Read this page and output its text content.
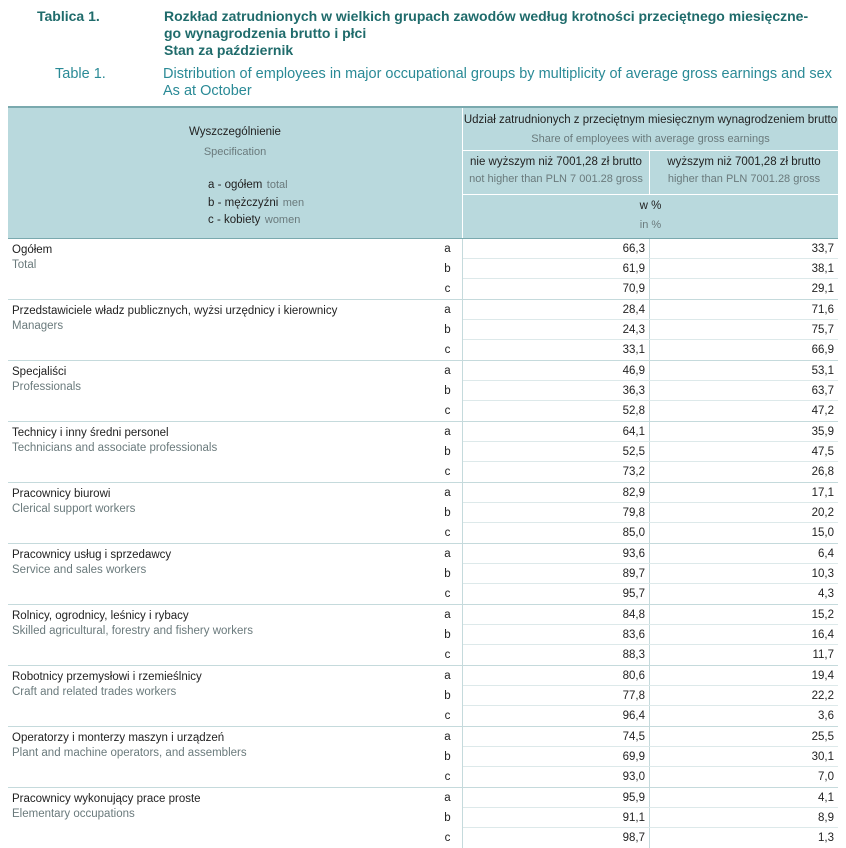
Tablica 1.	Rozkład zatrudnionych w wielkich grupach zawodów według krotności przeciętnego miesięczne-
go wynagrodzenia brutto i płci
Stan za październik
Table 1.	Distribution of employees in major occupational groups by multiplicity of average gross earnings and sex
As at October
Wyszczególnienie
Specification
a - ogółem total
b - mężczyźni men
c - kobiety women
Udział zatrudnionych z przeciętnym miesięcznym wynagrodzeniem brutto
Share of employees with average gross earnings
nie wyższym niż 7001,28 zł brutto
not higher than PLN 7 001.28 gross
wyższym niż 7001,28 zł brutto
higher than PLN 7001.28 gross
w %
in %
Ogółem
Total
a	66,3	33,7
b	61,9	38,1
c	70,9	29,1
Przedstawiciele władz publicznych, wyżsi urzędnicy i kierownicy
Managers
a	28,4	71,6
b	24,3	75,7
c	33,1	66,9
Specjaliści
Professionals
a	46,9	53,1
b	36,3	63,7
c	52,8	47,2
Technicy i inny średni personel
Technicians and associate professionals
a	64,1	35,9
b	52,5	47,5
c	73,2	26,8
Pracownicy biurowi
Clerical support workers
a	82,9	17,1
b	79,8	20,2
c	85,0	15,0
Pracownicy usług i sprzedawcy
Service and sales workers
a	93,6	6,4
b	89,7	10,3
c	95,7	4,3
Rolnicy, ogrodnicy, leśnicy i rybacy
Skilled agricultural, forestry and fishery workers
a	84,8	15,2
b	83,6	16,4
c	88,3	11,7
Robotnicy przemysłowi i rzemieślnicy
Craft and related trades workers
a	80,6	19,4
b	77,8	22,2
c	96,4	3,6
Operatorzy i monterzy maszyn i urządzeń
Plant and machine operators, and assemblers
a	74,5	25,5
b	69,9	30,1
c	93,0	7,0
Pracownicy wykonujący prace proste
Elementary occupations
a	95,9	4,1
b	91,1	8,9
c	98,7	1,3
